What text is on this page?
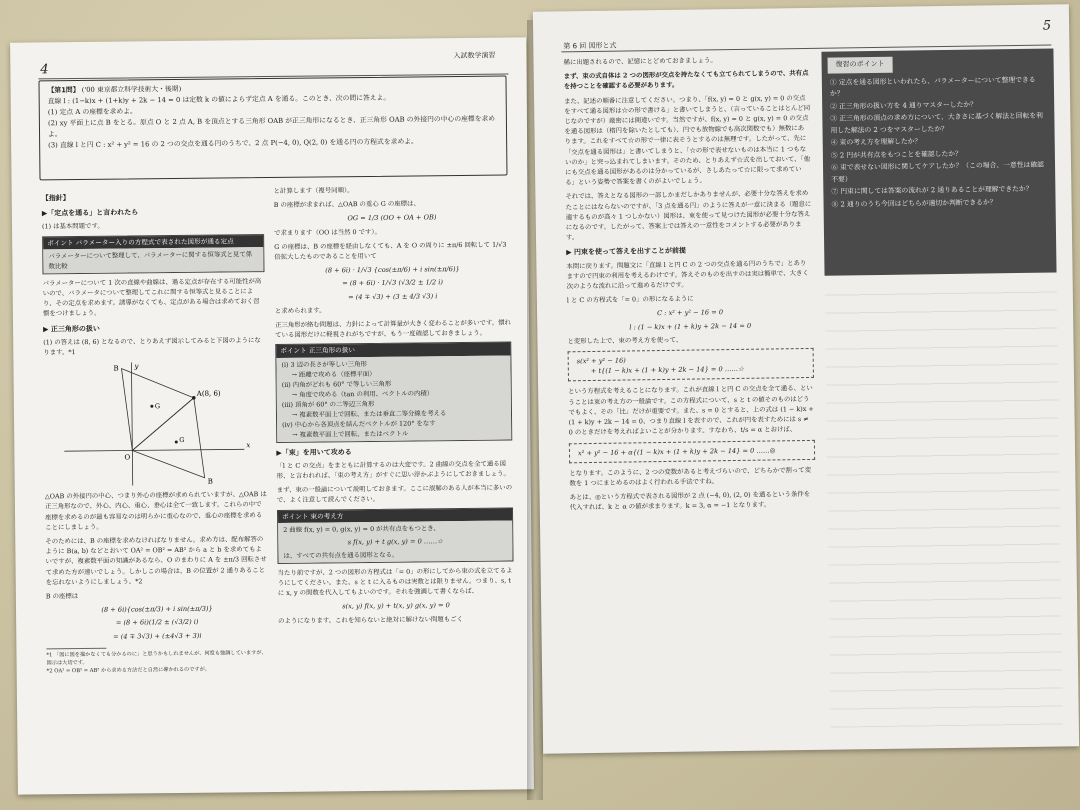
4
【第1問】 ('00 東京都立科学技術大・後期)
直線 l : (1−k)x + (1+k)y + 2k − 14 = 0 は定数 k の値によらず定点 A を通る。このとき、次の問に答えよ。
(1) 定点 A の座標を求めよ。
(2) xy 平面上に点 B をとる。原点 O と 2 点 A, B を頂点とする三角形 OAB が正三角形になるとき、正三角形 OAB の外接円の中心の座標を求めよ。
(3) 直線 l と円 C : x² + y² = 16 の 2 つの交点を通る円のうちで、2 点 P(−4, 0), Q(2, 0) を通る円の方程式を求めよ。
【指針】
▶「定点を通る」と言われたら

(1) は基本問題です。

ポイント パラメーター入りの方程式で表された図形が通る定点
パラメーターについて整理して、パラメーターに関する恒等式と見て係数比較

パラメーターについて 1 次の直線や曲線は、過る定点が存在する可能性が高いので、パラメータについて整理してこれに関する恒等式と見ることにより、その定点を求めます。誘導がなくても、定点がある場合は求めておく習慣をつけましょう。

▶ 正三角形の扱い

(1) の答えは (8, 6) となるので、とりあえず図示してみると下図のようになります。*1

A(8, 6)
B
B
O
x
y
G
G

△OAB の外接円の中心、つまり外心の座標が求められていますが、△OAB は正三角形なので、外心、内心、重心、垂心は全て一致します。これらの中で座標を求めるのが最も容易なのは明らかに重心なので、重心の座標を求めることにしましょう。

そのためには、B の座標を求めなければなりません。求め方は、配布解答のように B(a, b) などとおいて OA² = OB² = AB² から a と b を求めてもよいですが、複素数平面の知識があるなら、O のまわりに A を ±π/3 回転させて求めた方が速いでしょう。しかしこの場合は、B の位置が 2 通りあることを忘れないようにしましょう。*2

B の座標は

(8 + 6i){cos(±π/3) + i sin(±π/3)}
= (8 + 6i)(1/2 ± (√3/2) i)
= (4 ∓ 3√3) + (±4√3 + 3)i
*1 「図に図を描かなくても分かるのに」と思うかもしれませんが、何度も強調していますが、図示は大切です。
*2 OA² = OB² = AB² から求める方法だと自然に導かれるのですが。

と計算します（複号同順）。

B の座標が求まれば、△OAB の重心 G の座標は、

OG = 1/3 (OO + OA + OB)

で求まります（OO は当然 0 です）。

G の座標は、B の座標を経由しなくても、A を O の周りに ±π/6 回転して 1/√3 倍拡大したものであることを用いて

(8 + 6i) · 1/√3 {cos(±π/6) + i sin(±π/6)}
= (8 + 6i) · 1/√3 (√3/2 ± 1/2 i)
= (4 ∓ √3) + (3 ± 4/3 √3) i

と求められます。

正三角形が絡む問題は、力針によって計算量が大きく変わることが多いです。慣れている図形だけに軽視されがちですが、もう一度確認しておきましょう。

ポイント 正三角形の扱い
(i) 3 辺の長さが等しい三角形
→ 距離で攻める（座標平面）
(ii) 内角がどれも 60° で等しい三角形
→ 角度で攻める（tan の利用、ベクトルの内積）
(iii) 頂角が 60° の二等辺三角形
→ 複素数平面上で回転、または垂直二等分線を考える
(iv) 中心から各頂点を結んだベクトルが 120° をなす
→ 複素数平面上で回転、またはベクトル
▶「束」を用いて攻める

「l と C の交点」をまともに計算するのは大変です。2 曲線の交点を全て通る図形、と言われれば、「束の考え方」がすぐに思い浮かぶようにしておきましょう。

まず、束の一般論について説明しておきます。ここに誤解のある人が本当に多いので、よく注意して読んでください。

ポイント 束の考え方
2 曲線 f(x, y) = 0, g(x, y) = 0 が共有点をもつとき、
s f(x, y) + t g(x, y) = 0 ……☆
は、すべての共有点を通る図形となる。

当たり前ですが、2 つの図形の方程式は「= 0」の形にしてから束の式を立てるようにしてください。また、s と t に入るものは実数とは限りません。つまり、s, t に x, y の関数を代入してもよいのです。それを強調して書くならば、

s(x, y) f(x, y) + t(x, y) g(x, y) = 0

のようになります。これを知らないと絶対に解けない問題もごく

第 6 回 図形と式
入試数学演習
5

稀に出題されるので、記憶にとどめておきましょう。

まず、束の式自体は 2 つの図形が交点を持たなくても立てられてしまうので、共有点を持つことを確認する必要があります。

また、記述の順番に注意してください。つまり、「f(x, y) = 0 と g(x, y) = 0 の交点をすべて通る図形は☆の形で書ける」と書いてしまうと、（言っていることはとんど同じなのですが）厳密には間違いです。当然ですが、f(x, y) = 0 と g(x, y) = 0 の交点を通る図形は（楕円を除いたとしても）、円でも放物線でも高次関数でも）無数にあります。これをすべて☆の形で一律に表そうとするのは無理です。したがって、先に「交点を通る図形は」と書いてしまうと、「☆の形で表せないものは本当に 1 つもないのか」と突っ込まれてしまいます。そのため、とりあえず☆式を出しておいて、「他にも交点を通る図形があるのは分かっているが、さしあたって☆に限って求めている」という姿勢で答案を書くのがよいでしょう。

それでは、答えとなる図形の一部しかまだしかありませんが、必要十分な答えを求めたことにはならないのですが、「3 点を通る円」のように答えが一意に決まる（題意に適するものが高々 1 つしかない）図形は、束を使って見つけた図形が必要十分な答えになるのです。したがって、答案上では答えの一意性をコメントする必要があります。

▶ 円束を使って答えを出すことが前提

本問に戻ります。問題文に「直線 l と円 C の 2 つの交点を通る円のうちで」とありますので円束の利用を考えるわけです。答えそのものを出すのは実は簡単で、大きく次のような流れに沿って進めるだけです。

l と C の方程式を「= 0」の形になるように

C : x² + y² − 16 = 0
l : (1 − k)x + (1 + k)y + 2k − 14 = 0

と変形した上で、束の考え方を使って、

s(x² + y² − 16)
+ t{(1 − k)x + (1 + k)y + 2k − 14} = 0 ……☆

という方程式を考えることになります。これが直線 l と円 C の交点を全て通る、ということは束の考え方の一般論です。この方程式について、s と t の値そのものはどうでもよく、その「比」だけが重要です。また、s = 0 とすると、上の式は (1 − k)x + (1 + k)y + 2k − 14 = 0、つまり直線 l を表すので、これが円を表すためには s ≠ 0 のときだけを考えればよいことが分かります。すなわち、t/s = α とおけば、

x² + y² − 16 + α{(1 − k)x + (1 + k)y + 2k − 14} = 0 ……◎

となります。このように、2 つの変数があると考えづらいので、どちらかで割って変数を 1 つにまとめるのはよく行われる手法ですね。

あとは、◎という方程式で表される図形が 2 点 (−4, 0), (2, 0) を通るという条件を代入すれば、k と α の値が求まります。k = 3, α = −1 となります。

復習のポイント
① 定点を通る図形といわれたら、パラメーターについて整理できるか？
② 正三角形の扱い方を 4 通りマスターしたか？
③ 正三角形の頂点の求め方について、大きさに基づく解法と回転を利用した解法の 2 つをマスターしたか？
④ 束の考え方を理解したか？
⑤ 2 円が共有点をもつことを確認したか？
⑥ 束で表せない図形に関してケアしたか？（この場合、一意性は確認不要）
⑦ 円束に関しては答案の流れが 2 通りあることが理解できたか？
⑧ 2 通りのうち今回はどちらが適切か判断できるか？
